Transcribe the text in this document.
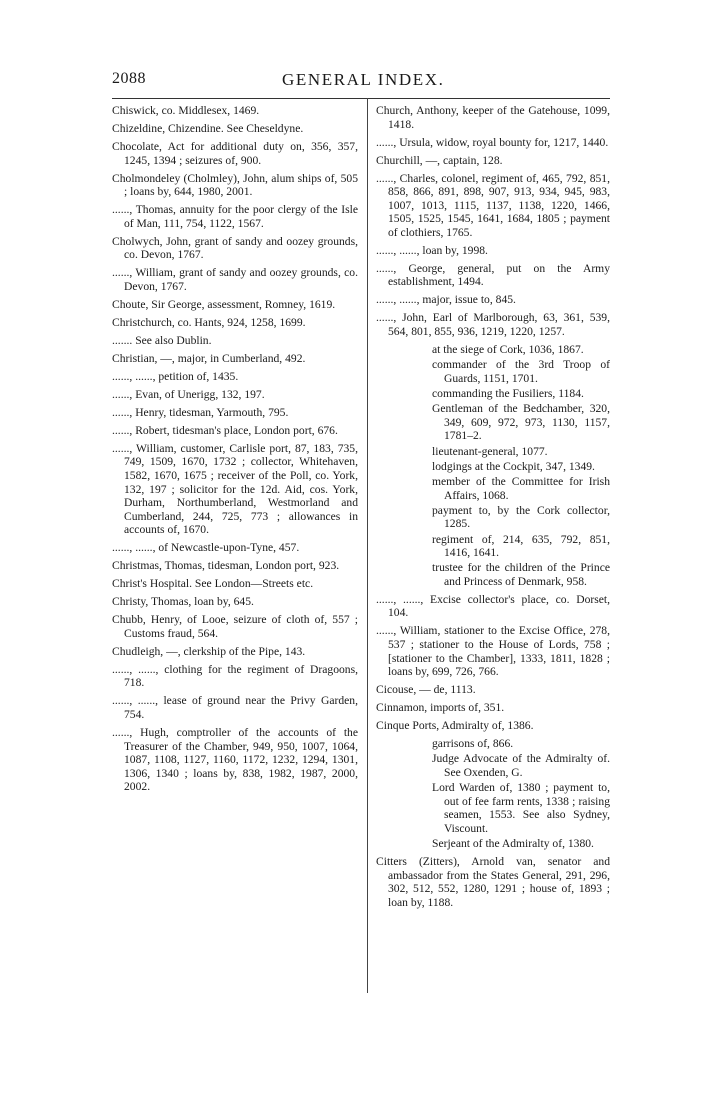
2088	GENERAL INDEX.

Chiswick, co. Middlesex, 1469.

Chizeldine, Chizendine. See Cheseldyne.

Chocolate, Act for additional duty on, 356, 357, 1245, 1394 ; seizures of, 900.

Cholmondeley (Cholmley), John, alum ships of, 505 ; loans by, 644, 1980, 2001.

......, Thomas, annuity for the poor clergy of the Isle of Man, 111, 754, 1122, 1567.

Cholwych, John, grant of sandy and oozey grounds, co. Devon, 1767.

......, William, grant of sandy and oozey grounds, co. Devon, 1767.

Choute, Sir George, assessment, Romney, 1619.

Christchurch, co. Hants, 924, 1258, 1699.

....... See also Dublin.

Christian, —, major, in Cumberland, 492.

......, ......, petition of, 1435.

......, Evan, of Unerigg, 132, 197.

......, Henry, tidesman, Yarmouth, 795.

......, Robert, tidesman's place, London port, 676.

......, William, customer, Carlisle port, 87, 183, 735, 749, 1509, 1670, 1732 ; collector, Whitehaven, 1582, 1670, 1675 ; receiver of the Poll, co. York, 132, 197 ; solicitor for the 12d. Aid, cos. York, Durham, Northumberland, Westmorland and Cumberland, 244, 725, 773 ; allowances in accounts of, 1670.

......, ......, of Newcastle-upon-Tyne, 457.

Christmas, Thomas, tidesman, London port, 923.

Christ's Hospital. See London—Streets etc.

Christy, Thomas, loan by, 645.

Chubb, Henry, of Looe, seizure of cloth of, 557 ; Customs fraud, 564.

Chudleigh, —, clerkship of the Pipe, 143.

......, ......, clothing for the regiment of Dragoons, 718.

......, ......, lease of ground near the Privy Garden, 754.

......, Hugh, comptroller of the accounts of the Treasurer of the Chamber, 949, 950, 1007, 1064, 1087, 1108, 1127, 1160, 1172, 1232, 1294, 1301, 1306, 1340 ; loans by, 838, 1982, 1987, 2000, 2002.

Church, Anthony, keeper of the Gatehouse, 1099, 1418.

......, Ursula, widow, royal bounty for, 1217, 1440.

Churchill, —, captain, 128.

......, Charles, colonel, regiment of, 465, 792, 851, 858, 866, 891, 898, 907, 913, 934, 945, 983, 1007, 1013, 1115, 1137, 1138, 1220, 1466, 1505, 1525, 1545, 1641, 1684, 1805 ; payment of clothiers, 1765.

......, ......, loan by, 1998.

......, George, general, put on the Army establishment, 1494.

......, ......, major, issue to, 845.

......, John, Earl of Marlborough, 63, 361, 539, 564, 801, 855, 936, 1219, 1220, 1257.

at the siege of Cork, 1036, 1867.

commander of the 3rd Troop of Guards, 1151, 1701.

commanding the Fusiliers, 1184.

Gentleman of the Bedchamber, 320, 349, 609, 972, 973, 1130, 1157, 1781–2.

lieutenant-general, 1077.

lodgings at the Cockpit, 347, 1349.

member of the Committee for Irish Affairs, 1068.

payment to, by the Cork collector, 1285.

regiment of, 214, 635, 792, 851, 1416, 1641.

trustee for the children of the Prince and Princess of Denmark, 958.

......, ......, Excise collector's place, co. Dorset, 104.

......, William, stationer to the Excise Office, 278, 537 ; stationer to the House of Lords, 758 ; [stationer to the Chamber], 1333, 1811, 1828 ; loans by, 699, 726, 766.

Cicouse, — de, 1113.

Cinnamon, imports of, 351.

Cinque Ports, Admiralty of, 1386.

garrisons of, 866.

Judge Advocate of the Admiralty of. See Oxenden, G.

Lord Warden of, 1380 ; payment to, out of fee farm rents, 1338 ; raising seamen, 1553. See also Sydney, Viscount.

Serjeant of the Admiralty of, 1380.

Citters (Zitters), Arnold van, senator and ambassador from the States General, 291, 296, 302, 512, 552, 1280, 1291 ; house of, 1893 ; loan by, 1188.
